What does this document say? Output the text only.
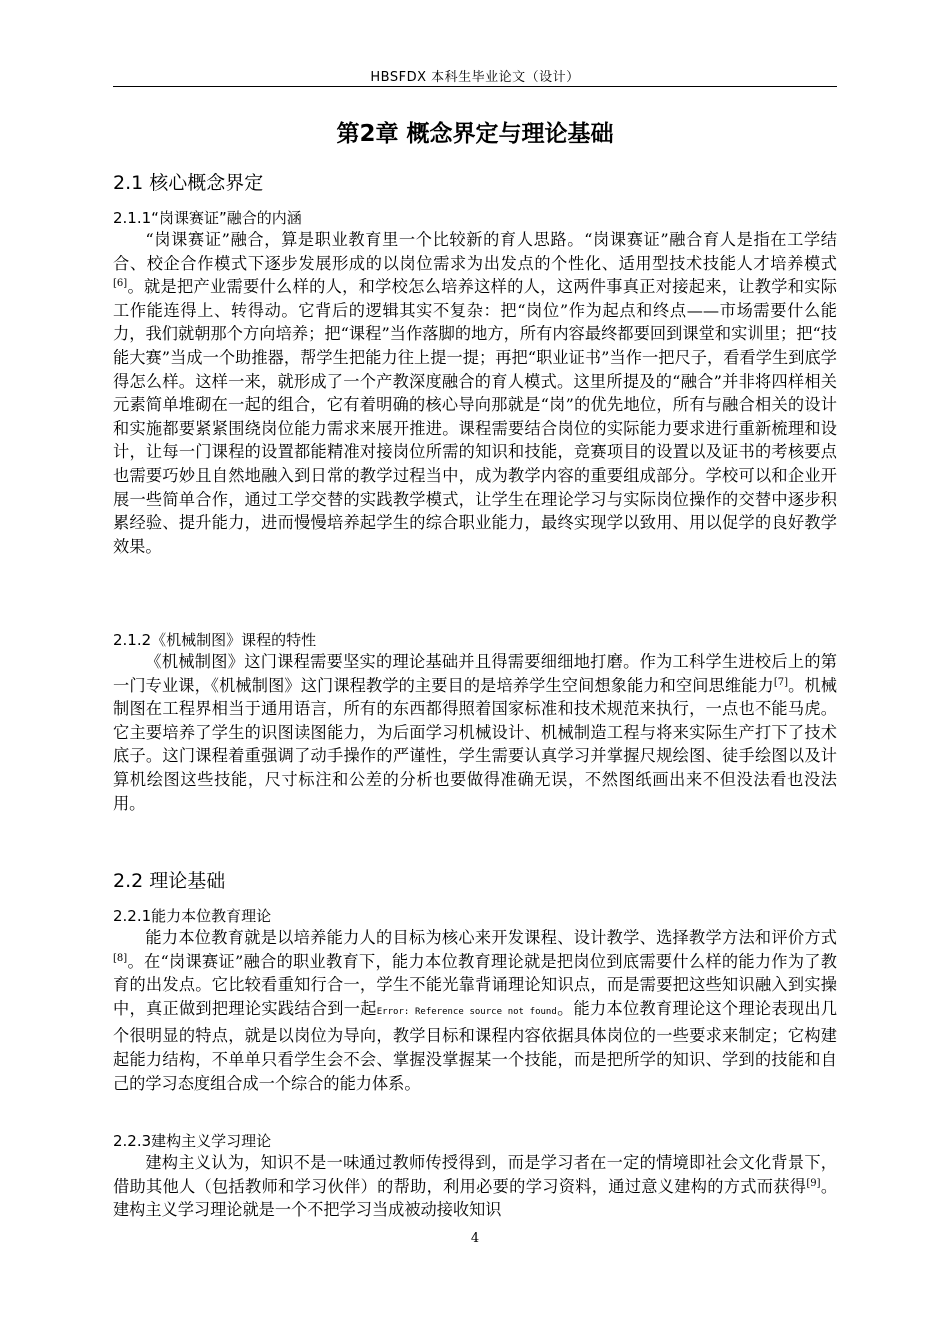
HBSFDX 本科生毕业论文（设计）
第2章 概念界定与理论基础
2.1 核心概念界定
2.1.1“岗课赛证”融合的内涵

“岗课赛证”融合，算是职业教育里一个比较新的育人思路。“岗课赛证”融合育人是指在工学结合、校企合作模式下逐步发展形成的以岗位需求为出发点的个性化、适用型技术技能人才培养模式[6]。就是把产业需要什么样的人，和学校怎么培养这样的人，这两件事真正对接起来，让教学和实际工作能连得上、转得动。它背后的逻辑其实不复杂：把“岗位”作为起点和终点——市场需要什么能力，我们就朝那个方向培养；把“课程”当作落脚的地方，所有内容最终都要回到课堂和实训里；把“技能大赛”当成一个助推器，帮学生把能力往上提一提；再把“职业证书”当作一把尺子，看看学生到底学得怎么样。这样一来，就形成了一个产教深度融合的育人模式。这里所提及的“融合”并非将四样相关元素简单堆砌在一起的组合，它有着明确的核心导向那就是“岗”的优先地位，所有与融合相关的设计和实施都要紧紧围绕岗位能力需求来展开推进。课程需要结合岗位的实际能力要求进行重新梳理和设计，让每一门课程的设置都能精准对接岗位所需的知识和技能，竞赛项目的设置以及证书的考核要点也需要巧妙且自然地融入到日常的教学过程当中，成为教学内容的重要组成部分。学校可以和企业开展一些简单合作，通过工学交替的实践教学模式，让学生在理论学习与实际岗位操作的交替中逐步积累经验、提升能力，进而慢慢培养起学生的综合职业能力，最终实现学以致用、用以促学的良好教学效果。

2.1.2《机械制图》课程的特性

《机械制图》这门课程需要坚实的理论基础并且得需要细细地打磨。作为工科学生进校后上的第一门专业课，《机械制图》这门课程教学的主要目的是培养学生空间想象能力和空间思维能力[7]。机械制图在工程界相当于通用语言，所有的东西都得照着国家标准和技术规范来执行，一点也不能马虎。它主要培养了学生的识图读图能力，为后面学习机械设计、机械制造工程与将来实际生产打下了技术底子。这门课程着重强调了动手操作的严谨性，学生需要认真学习并掌握尺规绘图、徒手绘图以及计算机绘图这些技能，尺寸标注和公差的分析也要做得准确无误，不然图纸画出来不但没法看也没法用。

2.2 理论基础
2.2.1能力本位教育理论

能力本位教育就是以培养能力人的目标为核心来开发课程、设计教学、选择教学方法和评价方式[8]。在“岗课赛证”融合的职业教育下，能力本位教育理论就是把岗位到底需要什么样的能力作为了教育的出发点。它比较看重知行合一，学生不能光靠背诵理论知识点，而是需要把这些知识融入到实操中，真正做到把理论实践结合到一起Error: Reference source not found。能力本位教育理论这个理论表现出几个很明显的特点，就是以岗位为导向，教学目标和课程内容依据具体岗位的一些要求来制定；它构建起能力结构，不单单只看学生会不会、掌握没掌握某一个技能，而是把所学的知识、学到的技能和自己的学习态度组合成一个综合的能力体系。

2.2.3建构主义学习理论

建构主义认为，知识不是一味通过教师传授得到，而是学习者在一定的情境即社会文化背景下，借助其他人（包括教师和学习伙伴）的帮助，利用必要的学习资料，通过意义建构的方式而获得[9]。建构主义学习理论就是一个不把学习当成被动接收知识

4
